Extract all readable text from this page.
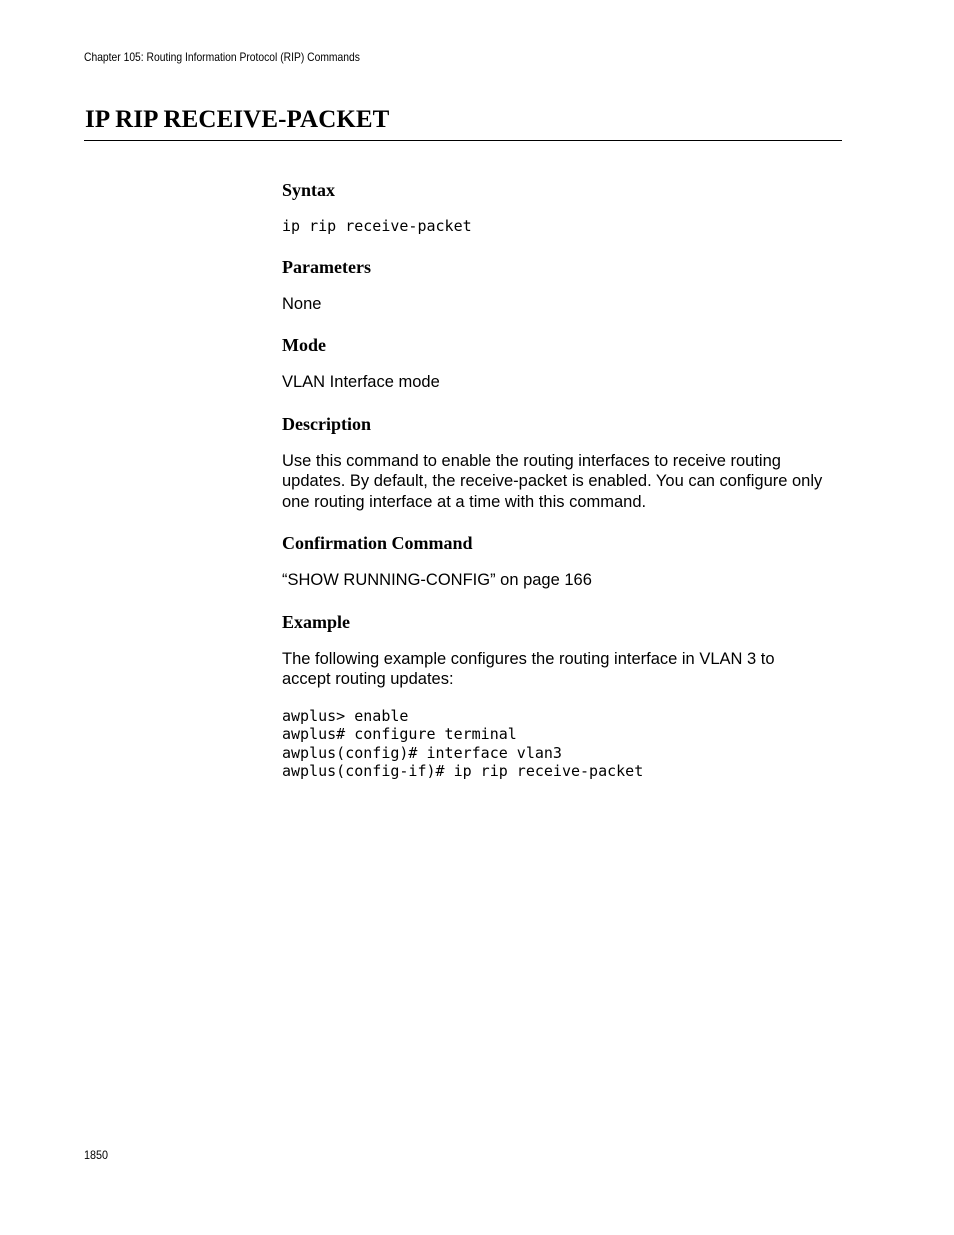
Chapter 105: Routing Information Protocol (RIP) Commands
IP RIP RECEIVE-PACKET
Syntax
ip rip receive-packet
Parameters

None

Mode

VLAN Interface mode

Description

Use this command to enable the routing interfaces to receive routing

updates. By default, the receive-packet is enabled. You can configure only

one routing interface at a time with this command.

Confirmation Command

“SHOW RUNNING-CONFIG” on page 166

Example

The following example configures the routing interface in VLAN 3 to

accept routing updates:

awplus> enable
awplus# configure terminal
awplus(config)# interface vlan3
awplus(config-if)# ip rip receive-packet
1850
